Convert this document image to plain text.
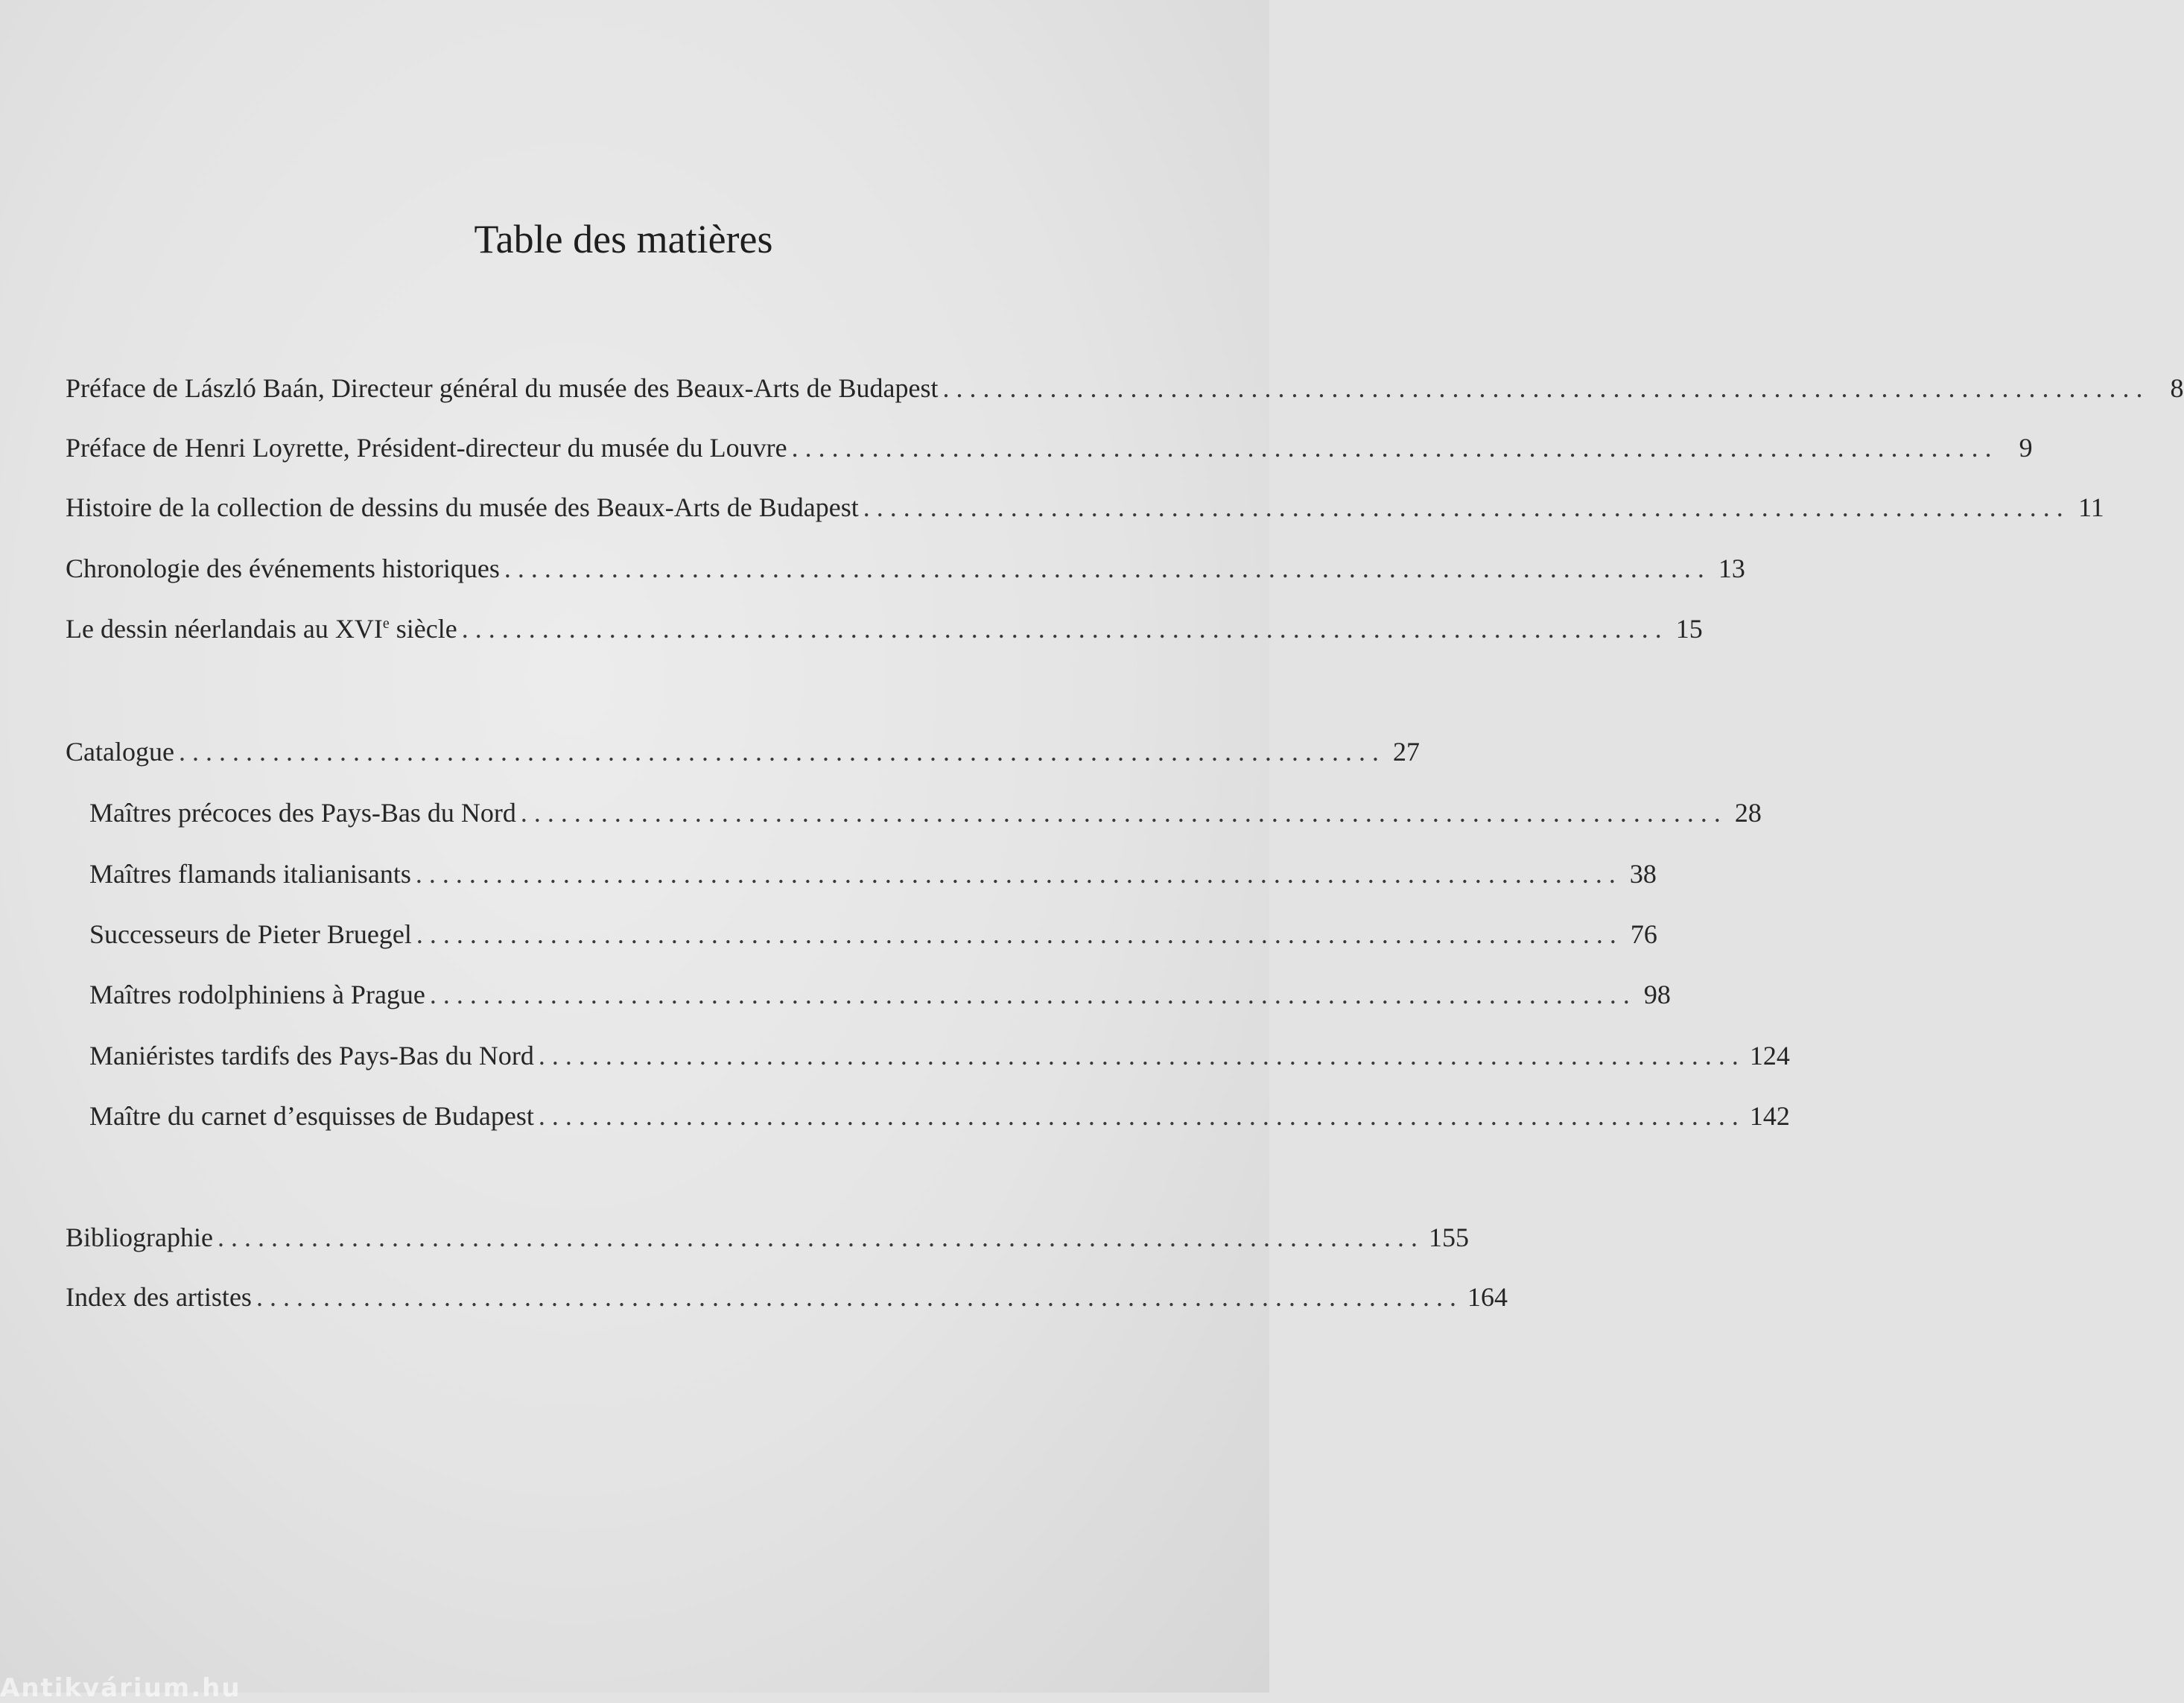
Table des matières
Préface de László Baán, Directeur général du musée des Beaux-Arts de Budapest .......................................................................................... 8
Préface de Henri Loyrette, Président-directeur du musée du Louvre .......................................................................................... 9
Histoire de la collection de dessins du musée des Beaux-Arts de Budapest .......................................................................................... 11
Chronologie des événements historiques .......................................................................................... 13
Le dessin néerlandais au XVIe siècle .......................................................................................... 15
Catalogue .......................................................................................... 27
Maîtres précoces des Pays-Bas du Nord .......................................................................................... 28
Maîtres flamands italianisants .......................................................................................... 38
Successeurs de Pieter Bruegel .......................................................................................... 76
Maîtres rodolphiniens à Prague .......................................................................................... 98
Maniéristes tardifs des Pays-Bas du Nord .......................................................................................... 124
Maître du carnet d’esquisses de Budapest .......................................................................................... 142
Bibliographie .......................................................................................... 155
Index des artistes .......................................................................................... 164
Antikvárium.hu
